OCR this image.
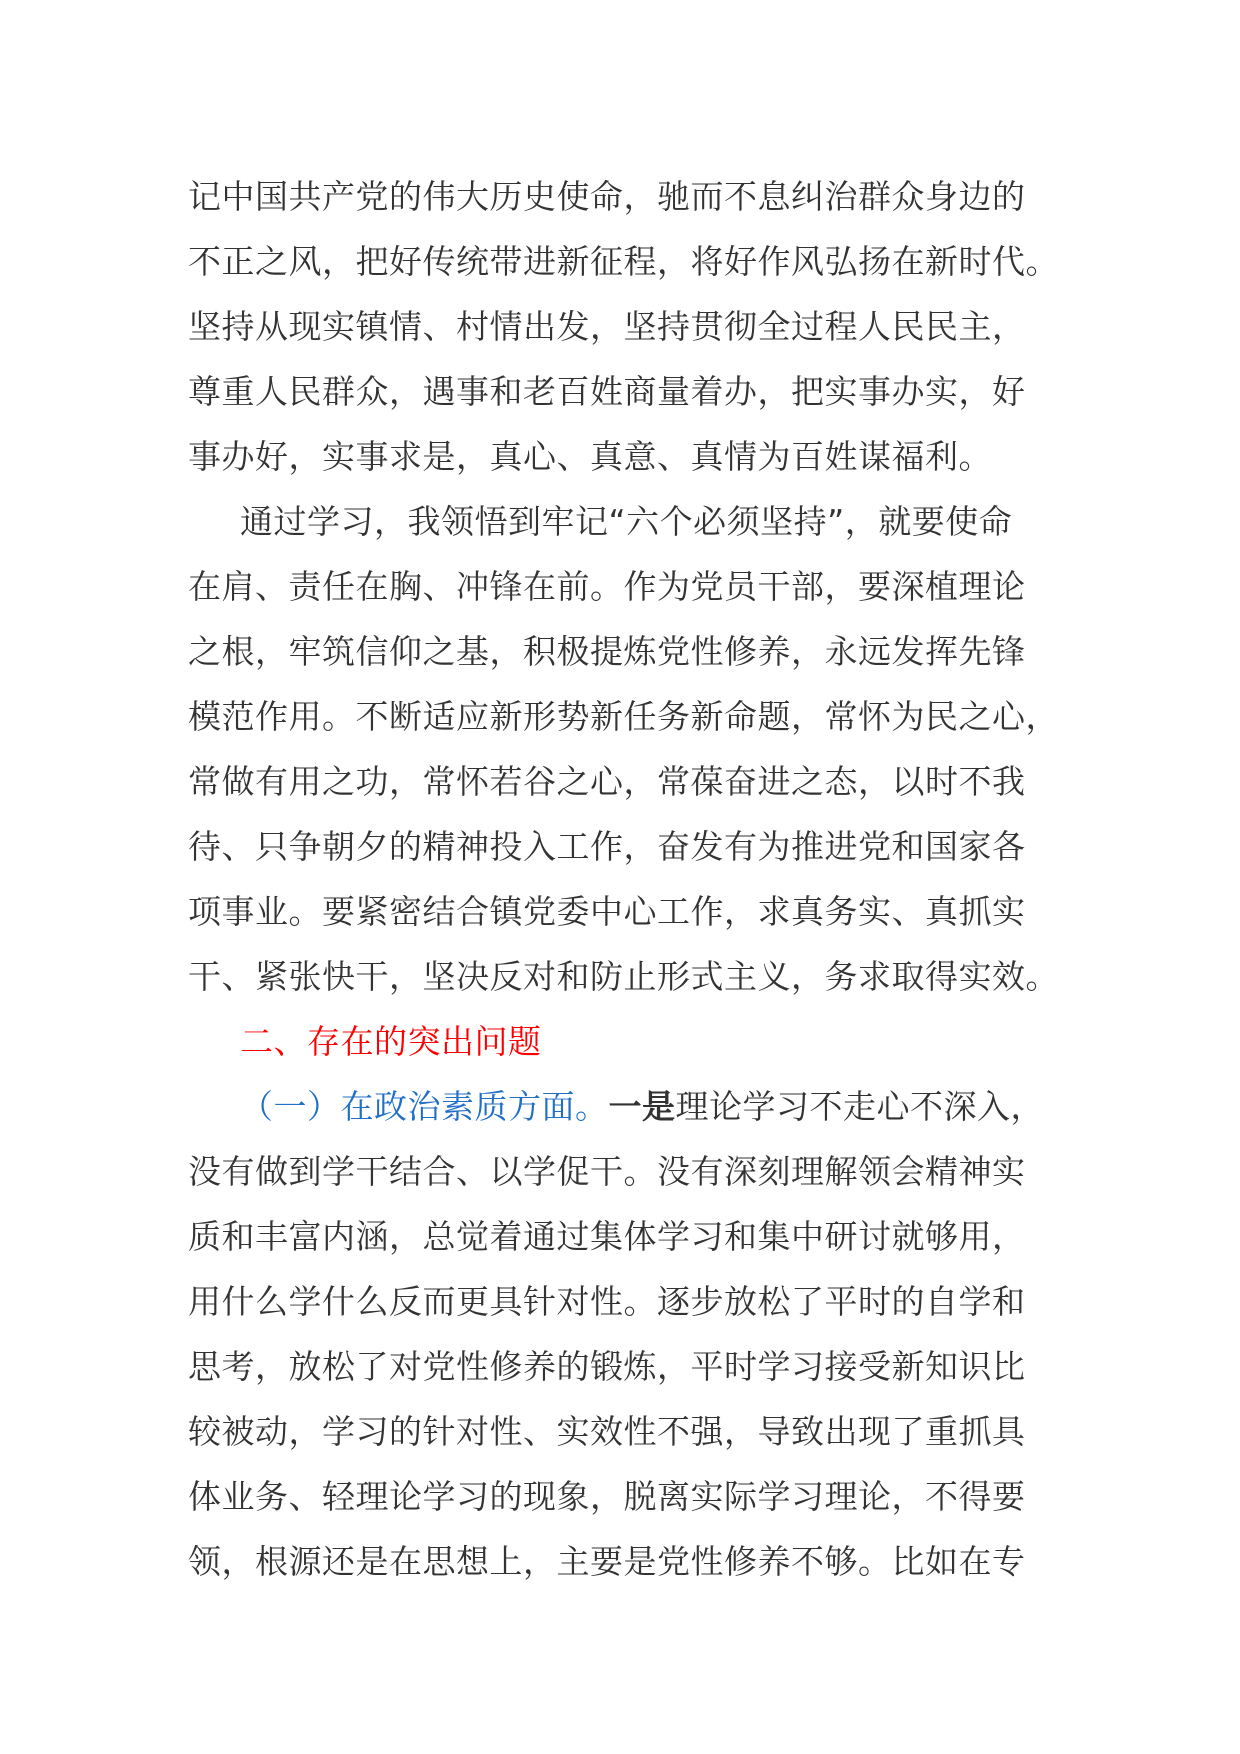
记中国共产党的伟大历史使命，驰而不息纠治群众身边的
不正之风，把好传统带进新征程，将好作风弘扬在新时代。
坚持从现实镇情、村情出发，坚持贯彻全过程人民民主，
尊重人民群众，遇事和老百姓商量着办，把实事办实，好
事办好，实事求是，真心、真意、真情为百姓谋福利。
通过学习，我领悟到牢记“六个必须坚持”，就要使命
在肩、责任在胸、冲锋在前。作为党员干部，要深植理论
之根，牢筑信仰之基，积极提炼党性修养，永远发挥先锋
模范作用。不断适应新形势新任务新命题，常怀为民之心，
常做有用之功，常怀若谷之心，常葆奋进之态，以时不我
待、只争朝夕的精神投入工作，奋发有为推进党和国家各
项事业。要紧密结合镇党委中心工作，求真务实、真抓实
干、紧张快干，坚决反对和防止形式主义，务求取得实效。
二、存在的突出问题
（一）在政治素质方面。一是理论学习不走心不深入，
没有做到学干结合、以学促干。没有深刻理解领会精神实
质和丰富内涵，总觉着通过集体学习和集中研讨就够用，
用什么学什么反而更具针对性。逐步放松了平时的自学和
思考，放松了对党性修养的锻炼，平时学习接受新知识比
较被动，学习的针对性、实效性不强，导致出现了重抓具
体业务、轻理论学习的现象，脱离实际学习理论，不得要
领，根源还是在思想上，主要是党性修养不够。比如在专
